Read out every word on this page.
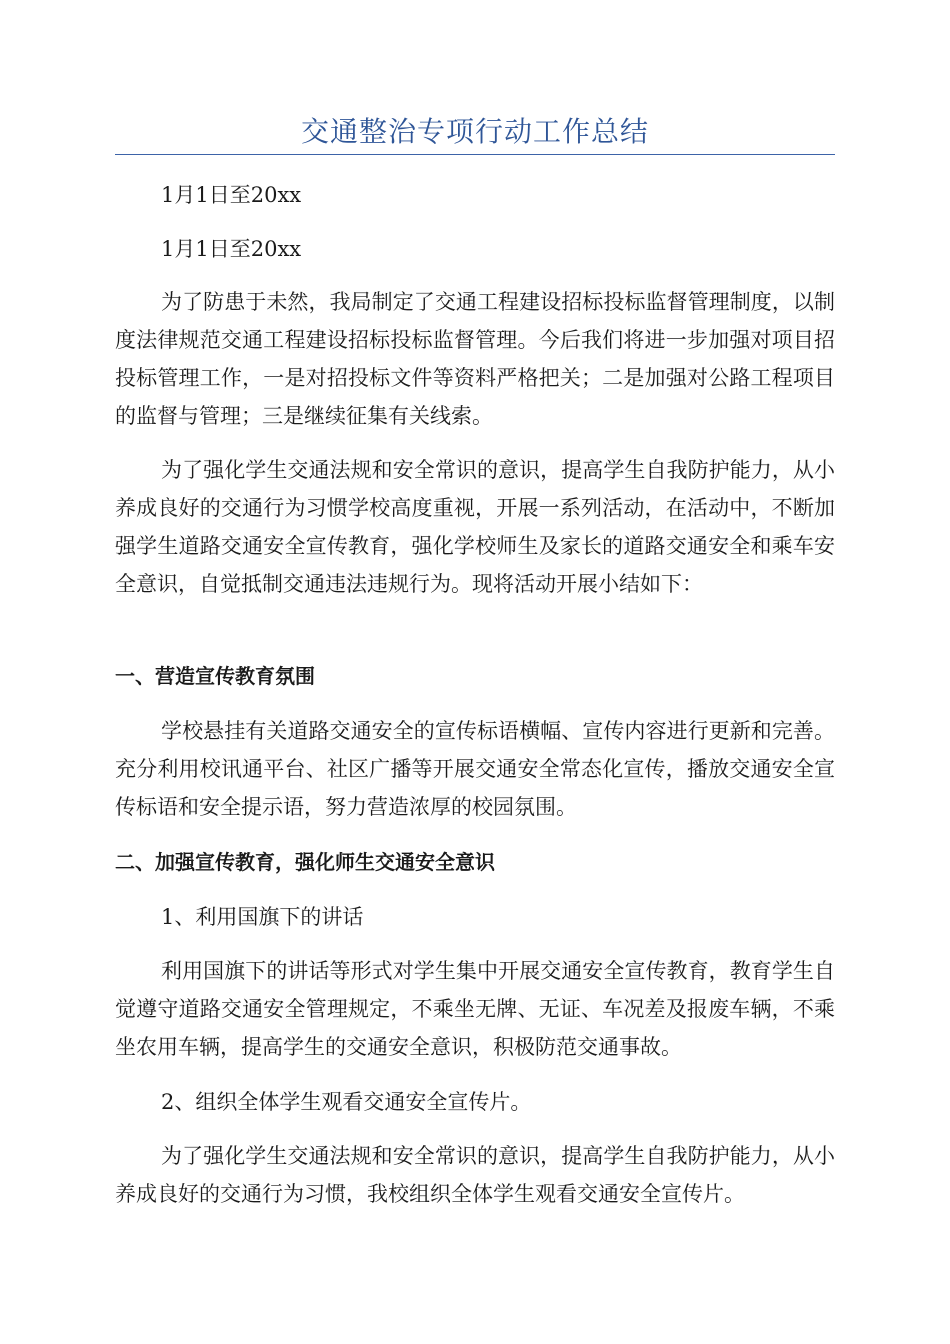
交通整治专项行动工作总结
1月1日至20xx
1月1日至20xx
为了防患于未然，我局制定了交通工程建设招标投标监督管理制度，以制度法律规范交通工程建设招标投标监督管理。今后我们将进一步加强对项目招投标管理工作，一是对招投标文件等资料严格把关；二是加强对公路工程项目的监督与管理；三是继续征集有关线索。
为了强化学生交通法规和安全常识的意识，提高学生自我防护能力，从小养成良好的交通行为习惯学校高度重视，开展一系列活动，在活动中，不断加强学生道路交通安全宣传教育，强化学校师生及家长的道路交通安全和乘车安全意识，自觉抵制交通违法违规行为。现将活动开展小结如下：
一、营造宣传教育氛围
学校悬挂有关道路交通安全的宣传标语横幅、宣传内容进行更新和完善。充分利用校讯通平台、社区广播等开展交通安全常态化宣传，播放交通安全宣传标语和安全提示语，努力营造浓厚的校园氛围。
二、加强宣传教育，强化师生交通安全意识
1、利用国旗下的讲话
利用国旗下的讲话等形式对学生集中开展交通安全宣传教育，教育学生自觉遵守道路交通安全管理规定，不乘坐无牌、无证、车况差及报废车辆，不乘坐农用车辆，提高学生的交通安全意识，积极防范交通事故。
2、组织全体学生观看交通安全宣传片。
为了强化学生交通法规和安全常识的意识，提高学生自我防护能力，从小养成良好的交通行为习惯，我校组织全体学生观看交通安全宣传片。
